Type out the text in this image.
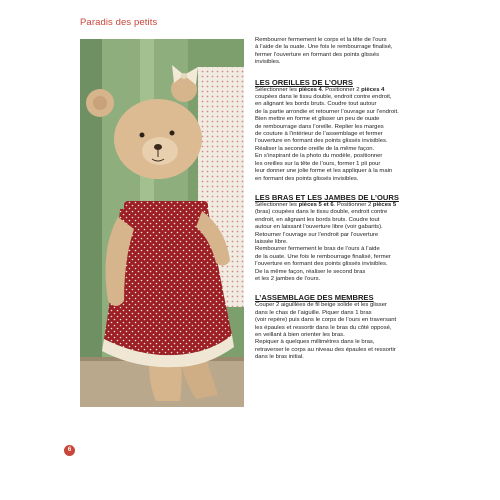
Paradis des petits

Rembourrer fermement le corps et la tête de l’ours

à l’aide de la ouate. Une fois le rembourrage finalisé,

fermer l’ouverture en formant des points glissés

invisibles.

LES OREILLES DE L’OURS

Sélectionner les pièces 4. Positionner 2 pièces 4

coupées dans le tissu double, endroit contre endroit,

en alignant les bords bruts. Coudre tout autour

de la partie arrondie et retourner l’ouvrage sur l’endroit.

Bien mettre en forme et glisser un peu de ouate

de rembourrage dans l’oreille. Replier les marges

de couture à l’intérieur de l’assemblage et fermer

l’ouverture en formant des points glissés invisibles.

Réaliser la seconde oreille de la même façon.

En s’inspirant de la photo du modèle, positionner

les oreilles sur la tête de l’ours, former 1 pli pour

leur donner une jolie forme et les appliquer à la main

en formant des points glissés invisibles.

LES BRAS ET LES JAMBES DE L’OURS

Sélectionner les pièces 5 et 6. Positionner 2 pièces 5

(bras) coupées dans le tissu double, endroit contre

endroit, en alignant les bords bruts. Coudre tout

autour en laissant l’ouverture libre (voir gabarits).

Retourner l’ouvrage sur l’endroit par l’ouverture

laissée libre.

Rembourrer fermement le bras de l’ours à l’aide

de la ouate. Une fois le rembourrage finalisé, fermer

l’ouverture en formant des points glissés invisibles.

De la même façon, réaliser le second bras

et les 2 jambes de l’ours.

L’ASSEMBLAGE DES MEMBRES

Couper 2 aiguillées de fil beige solide et les glisser

dans le chas de l’aiguille. Piquer dans 1 bras

(voir repère) puis dans le corps de l’ours en traversant

les épaules et ressortir dans le bras du côté opposé,

en veillant à bien orienter les bras.

Repiquer à quelques millimètres dans le bras,

retraverser le corps au niveau des épaules et ressortir

dans le bras initial.

6
